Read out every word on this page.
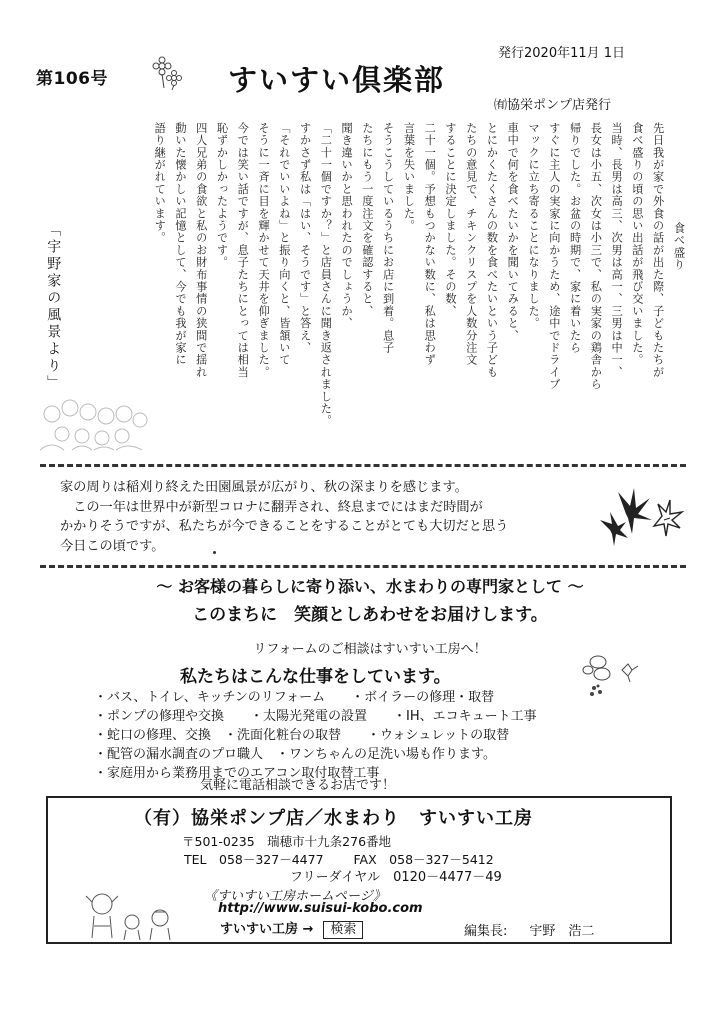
第106号	すいすい倶楽部
発行2020年11月 1日
㈲協栄ポンプ店発行
「宇野家の風景より」	食べ盛り
先日我が家で外食の話が出た際、子どもたちが
食べ盛りの頃の思い出話が飛び交いました。
当時、長男は高三、次男は高一、三男は中一、
長女は小五、次女は小三で、私の実家の鶏舎から
帰りでした。お盆の時期で、家に着いたら
すぐに主人の実家に向かうため、途中でドライブ
マックに立ち寄ることになりました。
車中で何を食べたいかを聞いてみると、
とにかくたくさんの数を食べたいという子ども
たちの意見で、チキンクリスプを人数分注文
することに決定しました。その数、
二十一個。予想もつかない数に、私は思わず
言葉を失いました。
そうこうしているうちにお店に到着。息子
たちにもう一度注文を確認すると、
聞き違いかと思われたのでしょうか、
「二十一個ですか？」と店員さんに聞き返されました。
すかさず私は「はい、そうです」と答え、
「それでいいよね」と振り向くと、皆頷いて
そうに一斉に目を輝かせて天井を仰ぎました。
今では笑い話ですが、息子たちにとっては相当
恥ずかしかったようです。
四人兄弟の食欲と私のお財布事情の狭間で揺れ
動いた懐かしい記憶として、今でも我が家に
語り継がれています。

家の周りは稲刈り終えた田園風景が広がり、秋の深まりを感じます。

　この一年は世界中が新型コロナに翻弄され、終息までにはまだ時間が

かかりそうですが、私たちが今できることをすることがとても大切だと思う

今日この頃です。

～ お客様の暮らしに寄り添い、水まわりの専門家として ～
このまちに　笑顔としあわせをお届けします。
リフォームのご相談はすいすい工房へ！
私たちはこんな仕事をしています。
・バス、トイレ、キッチンのリフォーム　　・ボイラーの修理・取替
・ポンプの修理や交換　　・太陽光発電の設置　　・IH、エコキュート工事
・蛇口の修理、交換　・洗面化粧台の取替　　・ウォシュレットの取替
・配管の漏水調査のプロ職人　・ワンちゃんの足洗い場も作ります。
・家庭用から業務用までのエアコン取付取替工事
気軽に電話相談できるお店です！
（有）協栄ポンプ店／水まわり　すいすい工房
〒501-0235　瑞穂市十九条276番地
TEL　058－327－4477 FAX　058－327－5412
フリーダイヤル　0120－4477－49
《すいすい工房ホームページ》
http://www.suisui-kobo.com
すいすい工房 → 検索	編集長: 宇野　浩二
